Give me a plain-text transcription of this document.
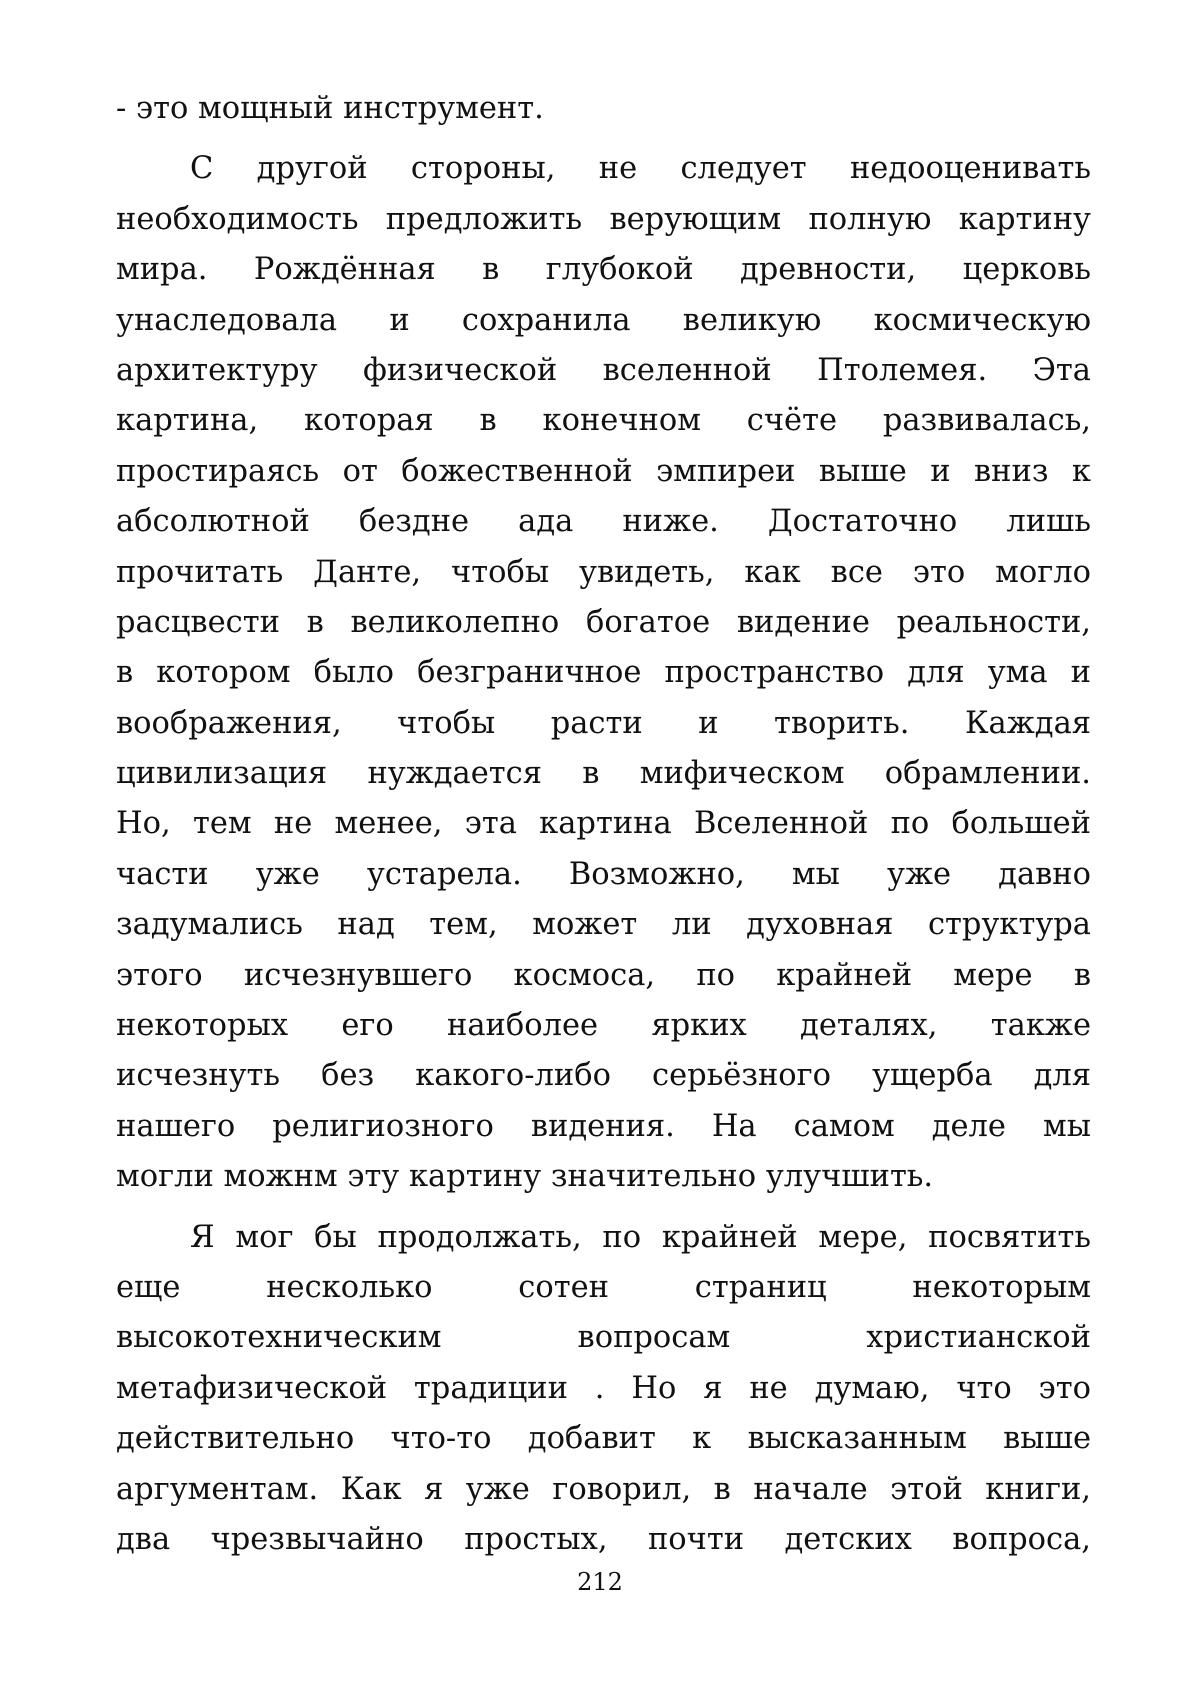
- это мощный инструмент.
С другой стороны, не следует недооценивать
необходимость предложить верующим полную картину
мира. Рождённая в глубокой древности, церковь
унаследовала и сохранила великую космическую
архитектуру физической вселенной Птолемея. Эта
картина, которая в конечном счёте развивалась,
простираясь от божественной эмпиреи выше и вниз к
абсолютной бездне ада ниже. Достаточно лишь
прочитать Данте, чтобы увидеть, как все это могло
расцвести в великолепно богатое видение реальности,
в котором было безграничное пространство для ума и
воображения, чтобы расти и творить. Каждая
цивилизация нуждается в мифическом обрамлении.
Но, тем не менее, эта картина Вселенной по большей
части уже устарела. Возможно, мы уже давно
задумались над тем, может ли духовная структура
этого исчезнувшего космоса, по крайней мере в
некоторых его наиболее ярких деталях, также
исчезнуть без какого-либо серьёзного ущерба для
нашего религиозного видения. На самом деле мы
могли можнм эту картину значительно улучшить.
Я мог бы продолжать, по крайней мере, посвятить
еще несколько сотен страниц некоторым
высокотехническим вопросам христианской
метафизической традиции . Но я не думаю, что это
действительно что-то добавит к высказанным выше
аргументам. Как я уже говорил, в начале этой книги,
два чрезвычайно простых, почти детских вопроса,
212
